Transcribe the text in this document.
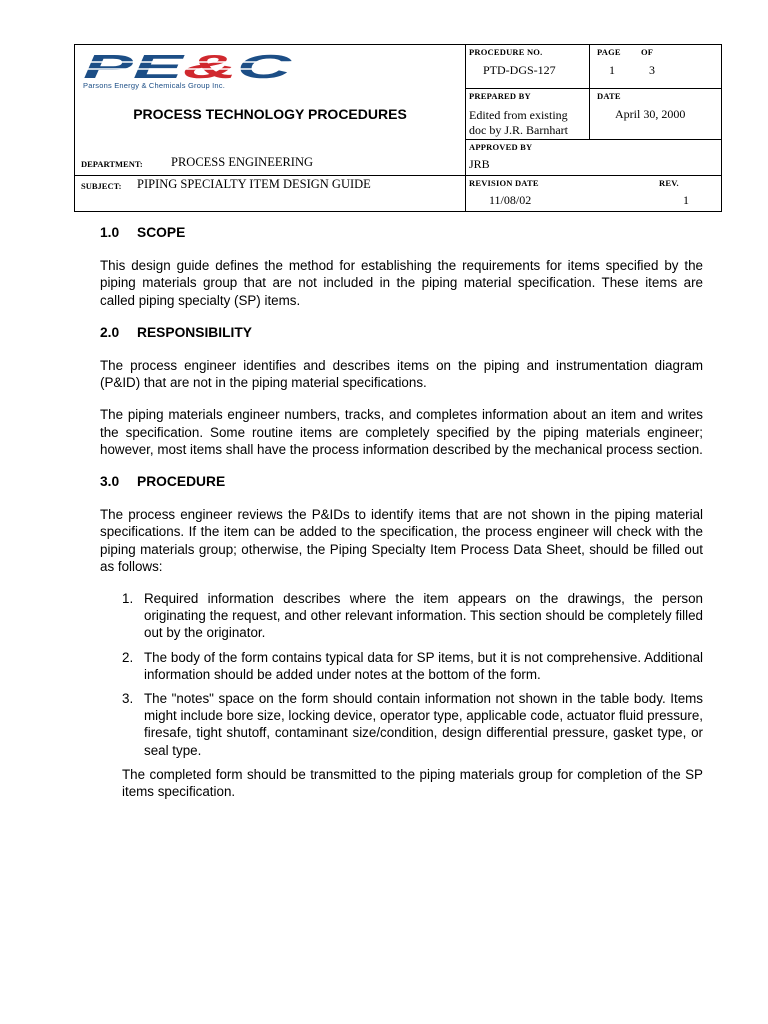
PE & C
Parsons Energy & Chemicals Group Inc.
PROCESS TECHNOLOGY PROCEDURES
DEPARTMENT: PROCESS ENGINEERING
SUBJECT: PIPING SPECIALTY ITEM DESIGN GUIDE
PROCEDURE NO.
PTD-DGS-127
PAGE OF
1	3
PREPARED BY
Edited from existing
doc by J.R. Barnhart
DATE
April 30, 2000
APPROVED BY
JRB
REVISION DATE	REV.
11/08/02	1
1.0	SCOPE

This design guide defines the method for establishing the requirements for items specified by the piping materials group that are not included in the piping material specification. These items are called piping specialty (SP) items.

2.0	RESPONSIBILITY

The process engineer identifies and describes items on the piping and instrumentation diagram (P&ID) that are not in the piping material specifications.

The piping materials engineer numbers, tracks, and completes information about an item and writes the specification. Some routine items are completely specified by the piping materials engineer; however, most items shall have the process information described by the mechanical process section.

3.0	PROCEDURE

The process engineer reviews the P&IDs to identify items that are not shown in the piping material specifications. If the item can be added to the specification, the process engineer will check with the piping materials group; otherwise, the Piping Specialty Item Process Data Sheet, should be filled out as follows:

1. Required information describes where the item appears on the drawings, the person originating the request, and other relevant information. This section should be completely filled out by the originator.
2. The body of the form contains typical data for SP items, but it is not comprehensive. Additional information should be added under notes at the bottom of the form.
3. The "notes" space on the form should contain information not shown in the table body. Items might include bore size, locking device, operator type, applicable code, actuator fluid pressure, firesafe, tight shutoff, contaminant size/condition, design differential pressure, gasket type, or seal type.

The completed form should be transmitted to the piping materials group for completion of the SP items specification.
